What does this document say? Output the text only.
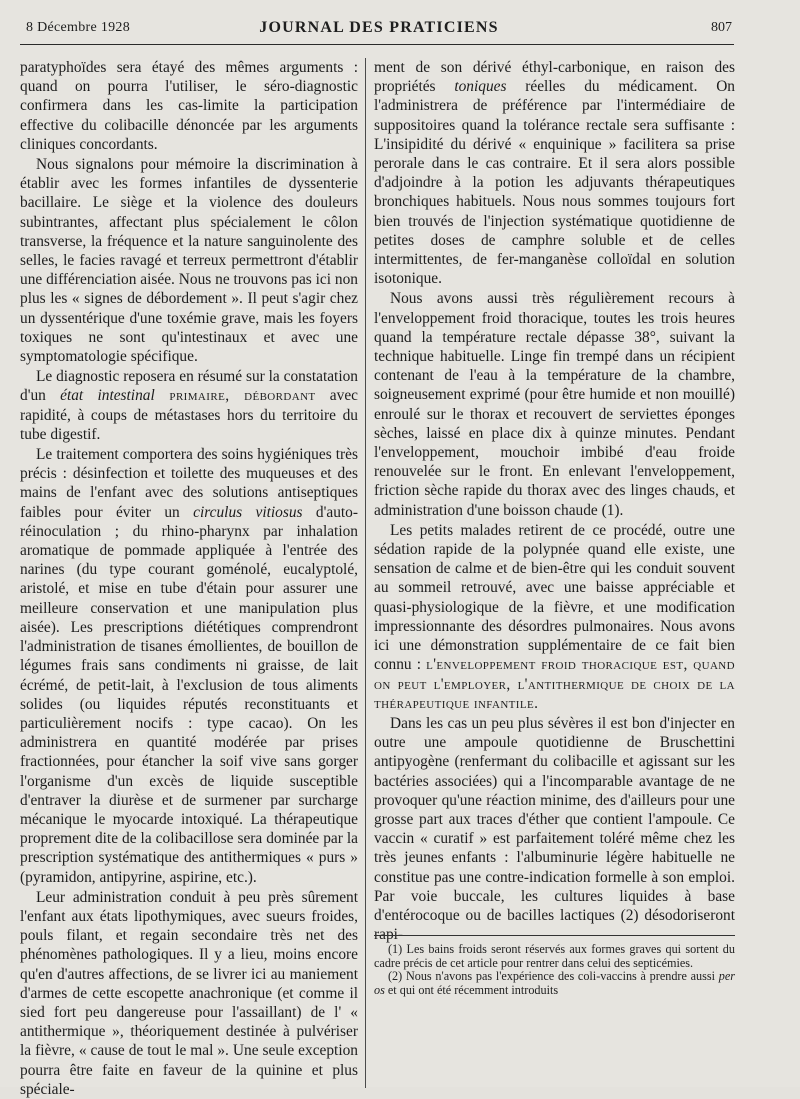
8 Décembre 1928	JOURNAL DES PRATICIENS	807

paratyphoïdes sera étayé des mêmes arguments : quand on pourra l'utiliser, le séro-diagnostic confirmera dans les cas-limite la participation effective du colibacille dénoncée par les arguments cliniques concordants.

Nous signalons pour mémoire la discrimination à établir avec les formes infantiles de dyssenterie bacillaire. Le siège et la violence des douleurs subintrantes, affectant plus spécialement le côlon transverse, la fréquence et la nature sanguinolente des selles, le facies ravagé et terreux permettront d'établir une différenciation aisée. Nous ne trouvons pas ici non plus les « signes de débordement ». Il peut s'agir chez un dyssentérique d'une toxémie grave, mais les foyers toxiques ne sont qu'intestinaux et avec une symptomatologie spécifique.

Le diagnostic reposera en résumé sur la constatation d'un état intestinal primaire, débordant avec rapidité, à coups de métastases hors du territoire du tube digestif.

Le traitement comportera des soins hygiéniques très précis : désinfection et toilette des muqueuses et des mains de l'enfant avec des solutions antiseptiques faibles pour éviter un circulus vitiosus d'auto-réinoculation ; du rhino-pharynx par inhalation aromatique de pommade appliquée à l'entrée des narines (du type courant goménolé, eucalyptolé, aristolé, et mise en tube d'étain pour assurer une meilleure conservation et une manipulation plus aisée). Les prescriptions diététiques comprendront l'administration de tisanes émollientes, de bouillon de légumes frais sans condiments ni graisse, de lait écrémé, de petit-lait, à l'exclusion de tous aliments solides (ou liquides réputés reconstituants et particulièrement nocifs : type cacao). On les administrera en quantité modérée par prises fractionnées, pour étancher la soif vive sans gorger l'organisme d'un excès de liquide susceptible d'entraver la diurèse et de surmener par surcharge mécanique le myocarde intoxiqué. La thérapeutique proprement dite de la colibacillose sera dominée par la prescription systématique des antithermiques « purs » (pyramidon, antipyrine, aspirine, etc.).

Leur administration conduit à peu près sûrement l'enfant aux états lipothymiques, avec sueurs froides, pouls filant, et regain secondaire très net des phénomènes pathologiques. Il y a lieu, moins encore qu'en d'autres affections, de se livrer ici au maniement d'armes de cette escopette anachronique (et comme il sied fort peu dangereuse pour l'assaillant) de l' « antithermique », théoriquement destinée à pulvériser la fièvre, « cause de tout le mal ». Une seule exception pourra être faite en faveur de la quinine et plus spéciale-

ment de son dérivé éthyl-carbonique, en raison des propriétés toniques réelles du médicament. On l'administrera de préférence par l'intermédiaire de suppositoires quand la tolérance rectale sera suffisante : L'insipidité du dérivé « enquinique » facilitera sa prise perorale dans le cas contraire. Et il sera alors possible d'adjoindre à la potion les adjuvants thérapeutiques bronchiques habituels. Nous nous sommes toujours fort bien trouvés de l'injection systématique quotidienne de petites doses de camphre soluble et de celles intermittentes, de fer-manganèse colloïdal en solution isotonique.

Nous avons aussi très régulièrement recours à l'enveloppement froid thoracique, toutes les trois heures quand la température rectale dépasse 38°, suivant la technique habituelle. Linge fin trempé dans un récipient contenant de l'eau à la température de la chambre, soigneusement exprimé (pour être humide et non mouillé) enroulé sur le thorax et recouvert de serviettes éponges sèches, laissé en place dix à quinze minutes. Pendant l'enveloppement, mouchoir imbibé d'eau froide renouvelée sur le front. En enlevant l'enveloppement, friction sèche rapide du thorax avec des linges chauds, et administration d'une boisson chaude (1).

Les petits malades retirent de ce procédé, outre une sédation rapide de la polypnée quand elle existe, une sensation de calme et de bien-être qui les conduit souvent au sommeil retrouvé, avec une baisse appréciable et quasi-physiologique de la fièvre, et une modification impressionnante des désordres pulmonaires. Nous avons ici une démonstration supplémentaire de ce fait bien connu : l'enveloppement froid thoracique est, quand on peut l'employer, l'antithermique de choix de la thérapeutique infantile.

Dans les cas un peu plus sévères il est bon d'injecter en outre une ampoule quotidienne de Bruschettini antipyogène (renfermant du colibacille et agissant sur les bactéries associées) qui a l'incomparable avantage de ne provoquer qu'une réaction minime, des d'ailleurs pour une grosse part aux traces d'éther que contient l'ampoule. Ce vaccin « curatif » est parfaitement toléré même chez les très jeunes enfants : l'albuminurie légère habituelle ne constitue pas une contre-indication formelle à son emploi. Par voie buccale, les cultures liquides à base d'entérocoque ou de bacilles lactiques (2) désodoriseront rapi-

(1) Les bains froids seront réservés aux formes graves qui sortent du cadre précis de cet article pour rentrer dans celui des septicémies.

(2) Nous n'avons pas l'expérience des coli-vaccins à prendre aussi per os et qui ont été récemment introduits
